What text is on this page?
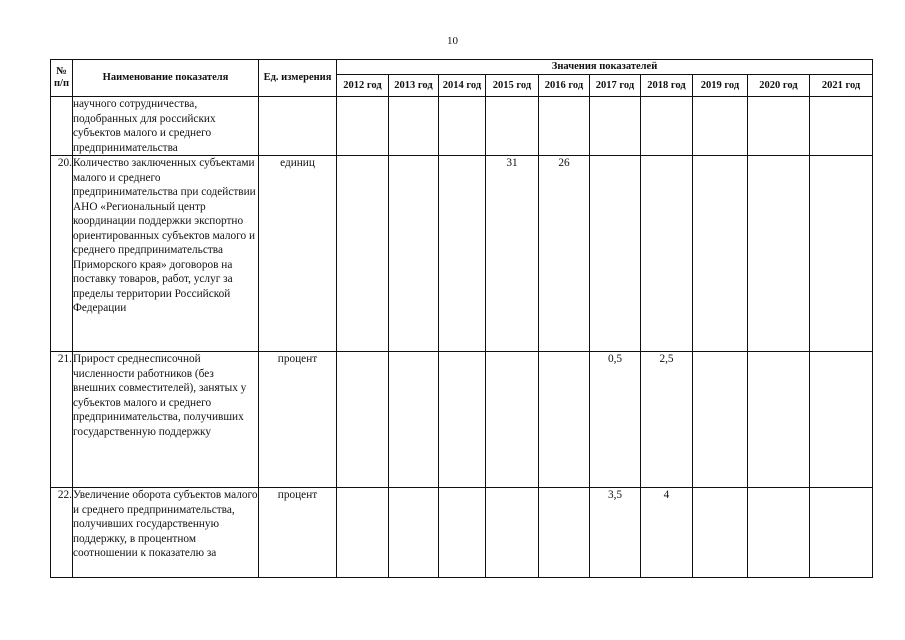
10
№ п/п	Наименование показателя	Ед. измерения	Значения показателей									
			2012 год	2013 год	2014 год	2015 год	2016 год	2017 год	2018 год	2019 год	2020 год	2021 год
	научного сотрудничества, подобранных для российских субъектов малого и среднего предпринимательства											
20.	Количество заключенных субъектами малого и среднего предпринимательства при содействии АНО «Региональный центр координации поддержки экспортно ориентированных субъектов малого и среднего предпринимательства Приморского края» договоров на поставку товаров, работ, услуг за пределы территории Российской Федерации	единиц				31	26					
21.	Прирост среднесписочной численности работников (без внешних совместителей), занятых у субъектов малого и среднего предпринимательства, получивших государственную поддержку	процент						0,5	2,5			
22.	Увеличение оборота субъектов малого и среднего предпринимательства, получивших государственную поддержку, в процентном соотношении к показателю за	процент						3,5	4			
